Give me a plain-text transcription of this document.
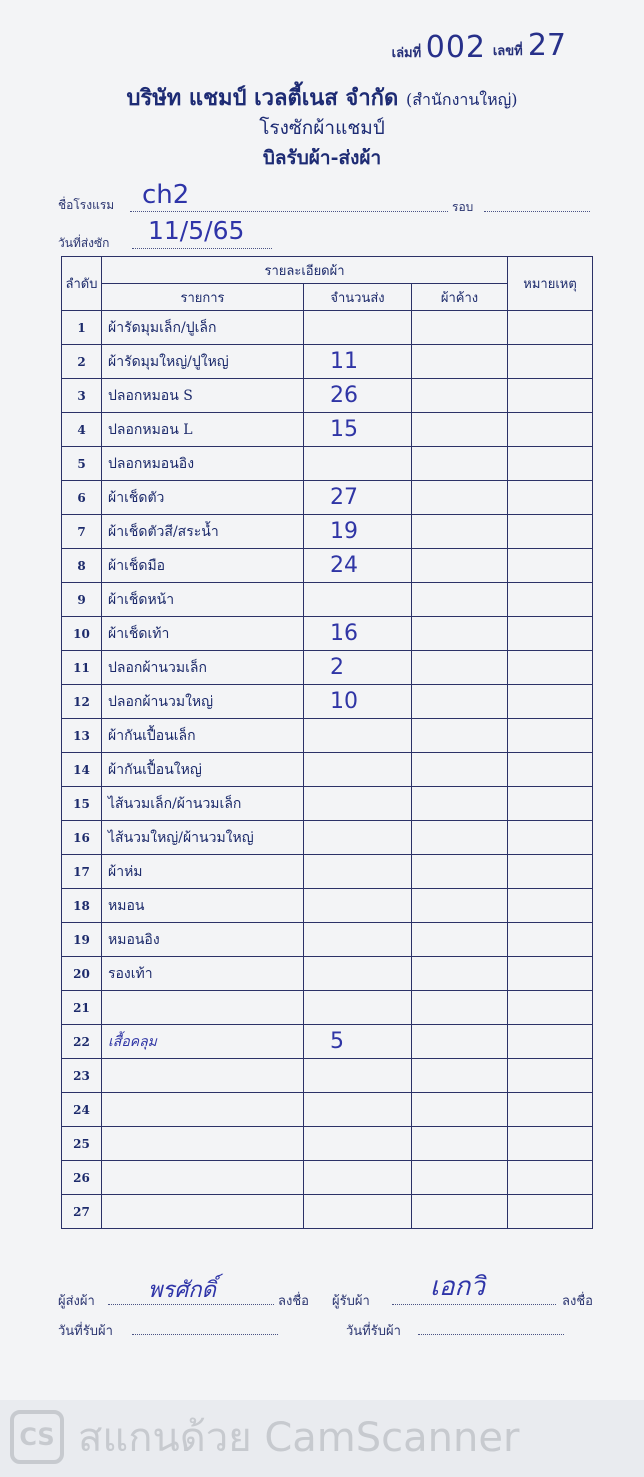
เล่มที่ 002 เลขที่ 27
บริษัท แชมป์ เวลตี้เนส จำกัด (สำนักงานใหญ่)
โรงซักผ้าแชมป์
บิลรับผ้า-ส่งผ้า
ชื่อโรงแรม ch2	รอบ
วันที่ส่งซัก 11/5/65
ลำดับ	รายละเอียดผ้า			หมายเหตุ
	รายการ	จำนวนส่ง	ผ้าค้าง	
1	ผ้ารัดมุมเล็ก/ปูเล็ก			
2	ผ้ารัดมุมใหญ่/ปูใหญ่	11		
3	ปลอกหมอน S	26		
4	ปลอกหมอน L	15		
5	ปลอกหมอนอิง			
6	ผ้าเช็ดตัว	27		
7	ผ้าเช็ดตัวสี/สระน้ำ	19		
8	ผ้าเช็ดมือ	24		
9	ผ้าเช็ดหน้า			
10	ผ้าเช็ดเท้า	16		
11	ปลอกผ้านวมเล็ก	2		
12	ปลอกผ้านวมใหญ่	10		
13	ผ้ากันเปื้อนเล็ก			
14	ผ้ากันเปื้อนใหญ่			
15	ไส้นวมเล็ก/ผ้านวมเล็ก			
16	ไส้นวมใหญ่/ผ้านวมใหญ่			
17	ผ้าห่ม			
18	หมอน			
19	หมอนอิง			
20	รองเท้า			
21				
22	เสื้อคลุม	5		
23				
24				
25				
26				
27				
ผู้ส่งผ้า พรศักดิ์	ลงชื่อ ผู้รับผ้า เอกวิ	ลงชื่อ
วันที่รับผ้า	วันที่รับผ้า
CS สแกนด้วย CamScanner
